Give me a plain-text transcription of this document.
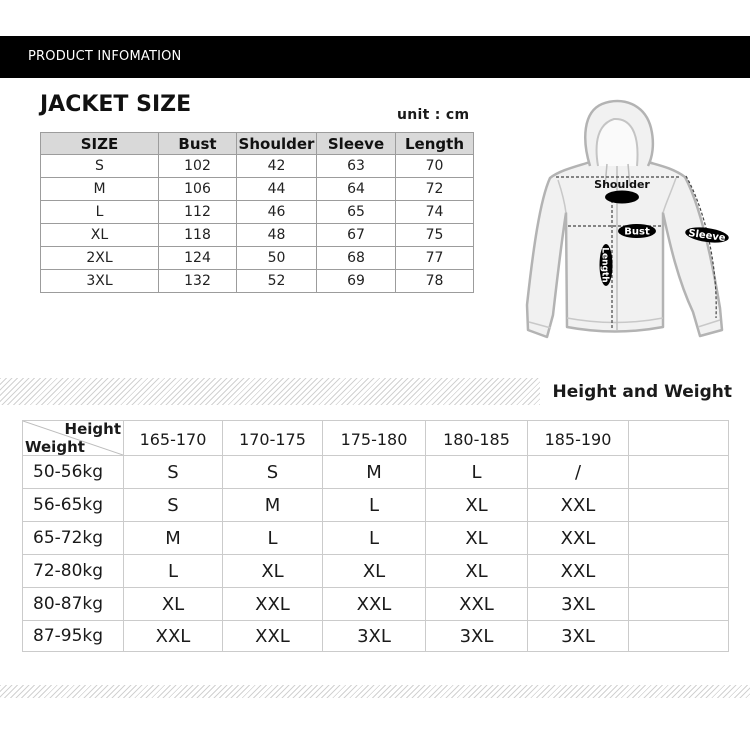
PRODUCT INFOMATION
JACKET SIZE	unit : cm
SIZE	Bust	Shoulder	Sleeve	Length
S	102	42	63	70
M	106	44	64	72
L	112	46	65	74
XL	118	48	67	75
2XL	124	50	68	77
3XL	132	52	69	78
Shoulder
Bust	Sleeve
Length
Height and Weight
Height
Weight	165-170	170-175	175-180	180-185	185-190	
50-56kg	S	S	M	L	/	
56-65kg	S	M	L	XL	XXL	
65-72kg	M	L	L	XL	XXL	
72-80kg	L	XL	XL	XL	XXL	
80-87kg	XL	XXL	XXL	XXL	3XL	
87-95kg	XXL	XXL	3XL	3XL	3XL	
